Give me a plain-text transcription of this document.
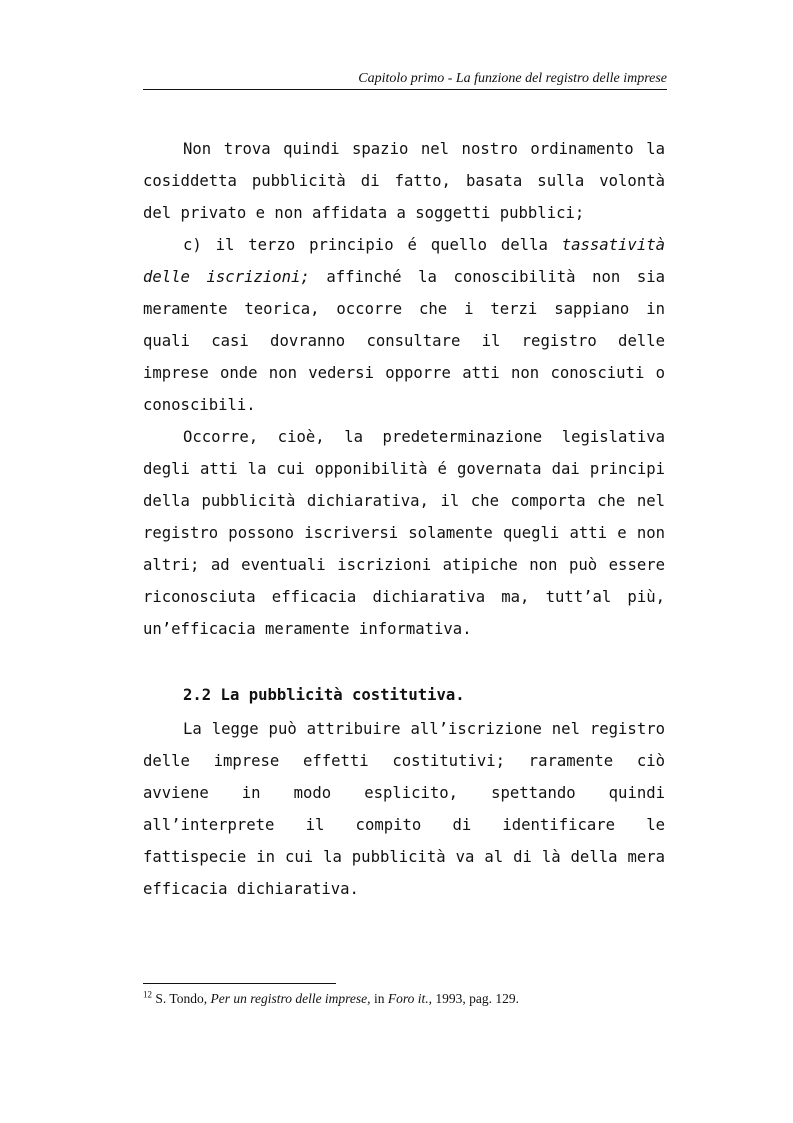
Capitolo primo - La funzione del registro delle imprese

Non trova quindi spazio nel nostro ordinamento la cosiddetta pubblicità di fatto, basata sulla volontà del privato e non affidata a soggetti pubblici;

c) il terzo principio é quello della tassatività delle iscrizioni; affinché la conoscibilità non sia meramente teorica, occorre che i terzi sappiano in quali casi dovranno consultare il registro delle imprese onde non vedersi opporre atti non conosciuti o conoscibili.

Occorre, cioè, la predeterminazione legislativa degli atti la cui opponibilità é governata dai principi della pubblicità dichiarativa, il che comporta che nel registro possono iscriversi solamente quegli atti e non altri; ad eventuali iscrizioni atipiche non può essere riconosciuta efficacia dichiarativa ma, tutt’al più, un’efficacia meramente informativa.

2.2 La pubblicità costitutiva.

La legge può attribuire all’iscrizione nel registro delle imprese effetti costitutivi; raramente ciò avviene in modo esplicito, spettando quindi all’interprete il compito di identificare le fattispecie in cui la pubblicità va al di là della mera efficacia dichiarativa.

$^{12}$ S. Tondo, Per un registro delle imprese, in Foro it., 1993, pag. 129.
